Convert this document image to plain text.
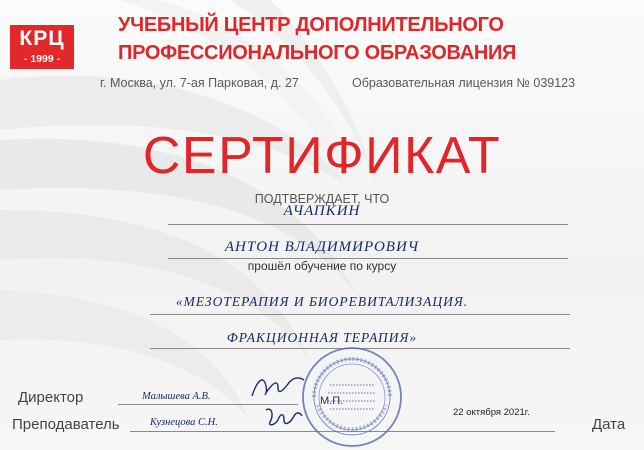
КРЦ
- 1999 -
УЧЕБНЫЙ ЦЕНТР ДОПОЛНИТЕЛЬНОГО
ПРОФЕССИОНАЛЬНОГО ОБРАЗОВАНИЯ
г. Москва, ул. 7-ая Парковая, д. 27	Образовательная лицензия № 039123
СЕРТИФИКАТ
ПОДТВЕРЖДАЕТ, ЧТО
АЧАПКИН
АНТОН ВЛАДИМИРОВИЧ
прошёл обучение по курсу
«МЕЗОТЕРАПИЯ И БИОРЕВИТАЛИЗАЦИЯ.
ФРАКЦИОННАЯ ТЕРАПИЯ»
Директор	Малышева А.В.
Преподаватель	Кузнецова С.Н.
М.П.
22 октября 2021г.
Дата
